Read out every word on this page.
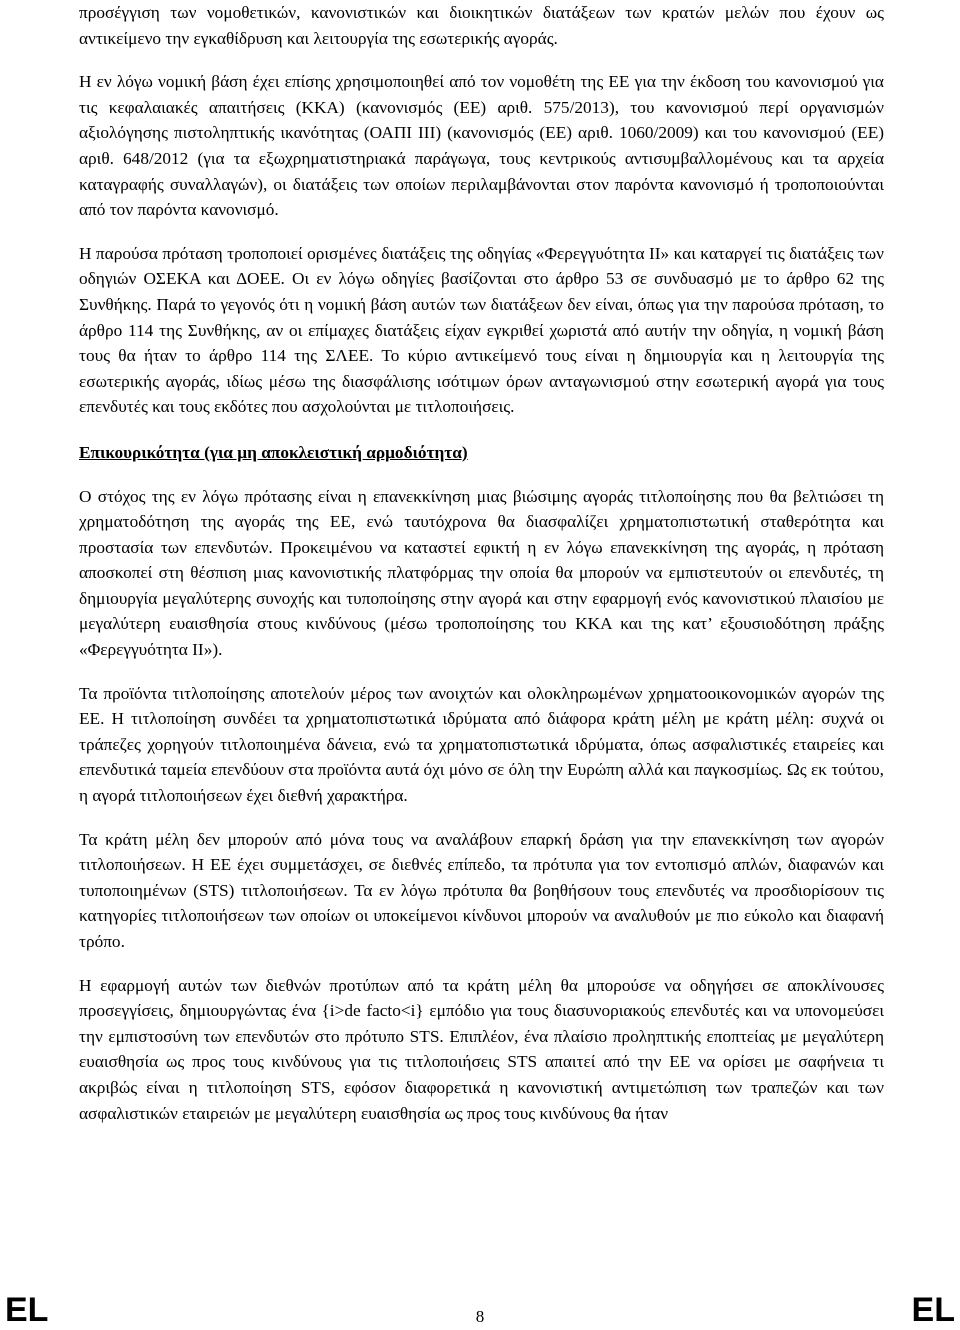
προσέγγιση των νομοθετικών, κανονιστικών και διοικητικών διατάξεων των κρατών μελών που έχουν ως αντικείμενο την εγκαθίδρυση και λειτουργία της εσωτερικής αγοράς.

Η εν λόγω νομική βάση έχει επίσης χρησιμοποιηθεί από τον νομοθέτη της ΕΕ για την έκδοση του κανονισμού για τις κεφαλαιακές απαιτήσεις (ΚΚΑ) (κανονισμός (ΕΕ) αριθ. 575/2013), του κανονισμού περί οργανισμών αξιολόγησης πιστοληπτικής ικανότητας (ΟΑΠΙ ΙΙΙ) (κανονισμός (ΕΕ) αριθ. 1060/2009) και του κανονισμού (ΕΕ) αριθ. 648/2012 (για τα εξωχρηματιστηριακά παράγωγα, τους κεντρικούς αντισυμβαλλομένους και τα αρχεία καταγραφής συναλλαγών), οι διατάξεις των οποίων περιλαμβάνονται στον παρόντα κανονισμό ή τροποποιούνται από τον παρόντα κανονισμό.

Η παρούσα πρόταση τροποποιεί ορισμένες διατάξεις της οδηγίας «Φερεγγυότητα ΙΙ» και καταργεί τις διατάξεις των οδηγιών ΟΣΕΚΑ και ΔΟΕΕ. Οι εν λόγω οδηγίες βασίζονται στο άρθρο 53 σε συνδυασμό με το άρθρο 62 της Συνθήκης. Παρά το γεγονός ότι η νομική βάση αυτών των διατάξεων δεν είναι, όπως για την παρούσα πρόταση, το άρθρο 114 της Συνθήκης, αν οι επίμαχες διατάξεις είχαν εγκριθεί χωριστά από αυτήν την οδηγία, η νομική βάση τους θα ήταν το άρθρο 114 της ΣΛΕΕ. Το κύριο αντικείμενό τους είναι η δημιουργία και η λειτουργία της εσωτερικής αγοράς, ιδίως μέσω της διασφάλισης ισότιμων όρων ανταγωνισμού στην εσωτερική αγορά για τους επενδυτές και τους εκδότες που ασχολούνται με τιτλοποιήσεις.

Επικουρικότητα (για μη αποκλειστική αρμοδιότητα)

Ο στόχος της εν λόγω πρότασης είναι η επανεκκίνηση μιας βιώσιμης αγοράς τιτλοποίησης που θα βελτιώσει τη χρηματοδότηση της αγοράς της ΕΕ, ενώ ταυτόχρονα θα διασφαλίζει χρηματοπιστωτική σταθερότητα και προστασία των επενδυτών. Προκειμένου να καταστεί εφικτή η εν λόγω επανεκκίνηση της αγοράς, η πρόταση αποσκοπεί στη θέσπιση μιας κανονιστικής πλατφόρμας την οποία θα μπορούν να εμπιστευτούν οι επενδυτές, τη δημιουργία μεγαλύτερης συνοχής και τυποποίησης στην αγορά και στην εφαρμογή ενός κανονιστικού πλαισίου με μεγαλύτερη ευαισθησία στους κινδύνους (μέσω τροποποίησης του ΚΚΑ και της κατ’ εξουσιοδότηση πράξης «Φερεγγυότητα ΙΙ»).

Τα προϊόντα τιτλοποίησης αποτελούν μέρος των ανοιχτών και ολοκληρωμένων χρηματοοικονομικών αγορών της ΕΕ. Η τιτλοποίηση συνδέει τα χρηματοπιστωτικά ιδρύματα από διάφορα κράτη μέλη με κράτη μέλη: συχνά οι τράπεζες χορηγούν τιτλοποιημένα δάνεια, ενώ τα χρηματοπιστωτικά ιδρύματα, όπως ασφαλιστικές εταιρείες και επενδυτικά ταμεία επενδύουν στα προϊόντα αυτά όχι μόνο σε όλη την Ευρώπη αλλά και παγκοσμίως. Ως εκ τούτου, η αγορά τιτλοποιήσεων έχει διεθνή χαρακτήρα.

Τα κράτη μέλη δεν μπορούν από μόνα τους να αναλάβουν επαρκή δράση για την επανεκκίνηση των αγορών τιτλοποιήσεων. Η ΕΕ έχει συμμετάσχει, σε διεθνές επίπεδο, τα πρότυπα για τον εντοπισμό απλών, διαφανών και τυποποιημένων (STS) τιτλοποιήσεων. Τα εν λόγω πρότυπα θα βοηθήσουν τους επενδυτές να προσδιορίσουν τις κατηγορίες τιτλοποιήσεων των οποίων οι υποκείμενοι κίνδυνοι μπορούν να αναλυθούν με πιο εύκολο και διαφανή τρόπο.

Η εφαρμογή αυτών των διεθνών προτύπων από τα κράτη μέλη θα μπορούσε να οδηγήσει σε αποκλίνουσες προσεγγίσεις, δημιουργώντας ένα {i>de facto<i} εμπόδιο για τους διασυνοριακούς επενδυτές και να υπονομεύσει την εμπιστοσύνη των επενδυτών στο πρότυπο STS. Επιπλέον, ένα πλαίσιο προληπτικής εποπτείας με μεγαλύτερη ευαισθησία ως προς τους κινδύνους για τις τιτλοποιήσεις STS απαιτεί από την ΕΕ να ορίσει με σαφήνεια τι ακριβώς είναι η τιτλοποίηση STS, εφόσον διαφορετικά η κανονιστική αντιμετώπιση των τραπεζών και των ασφαλιστικών εταιρειών με μεγαλύτερη ευαισθησία ως προς τους κινδύνους θα ήταν

EL	8	EL
